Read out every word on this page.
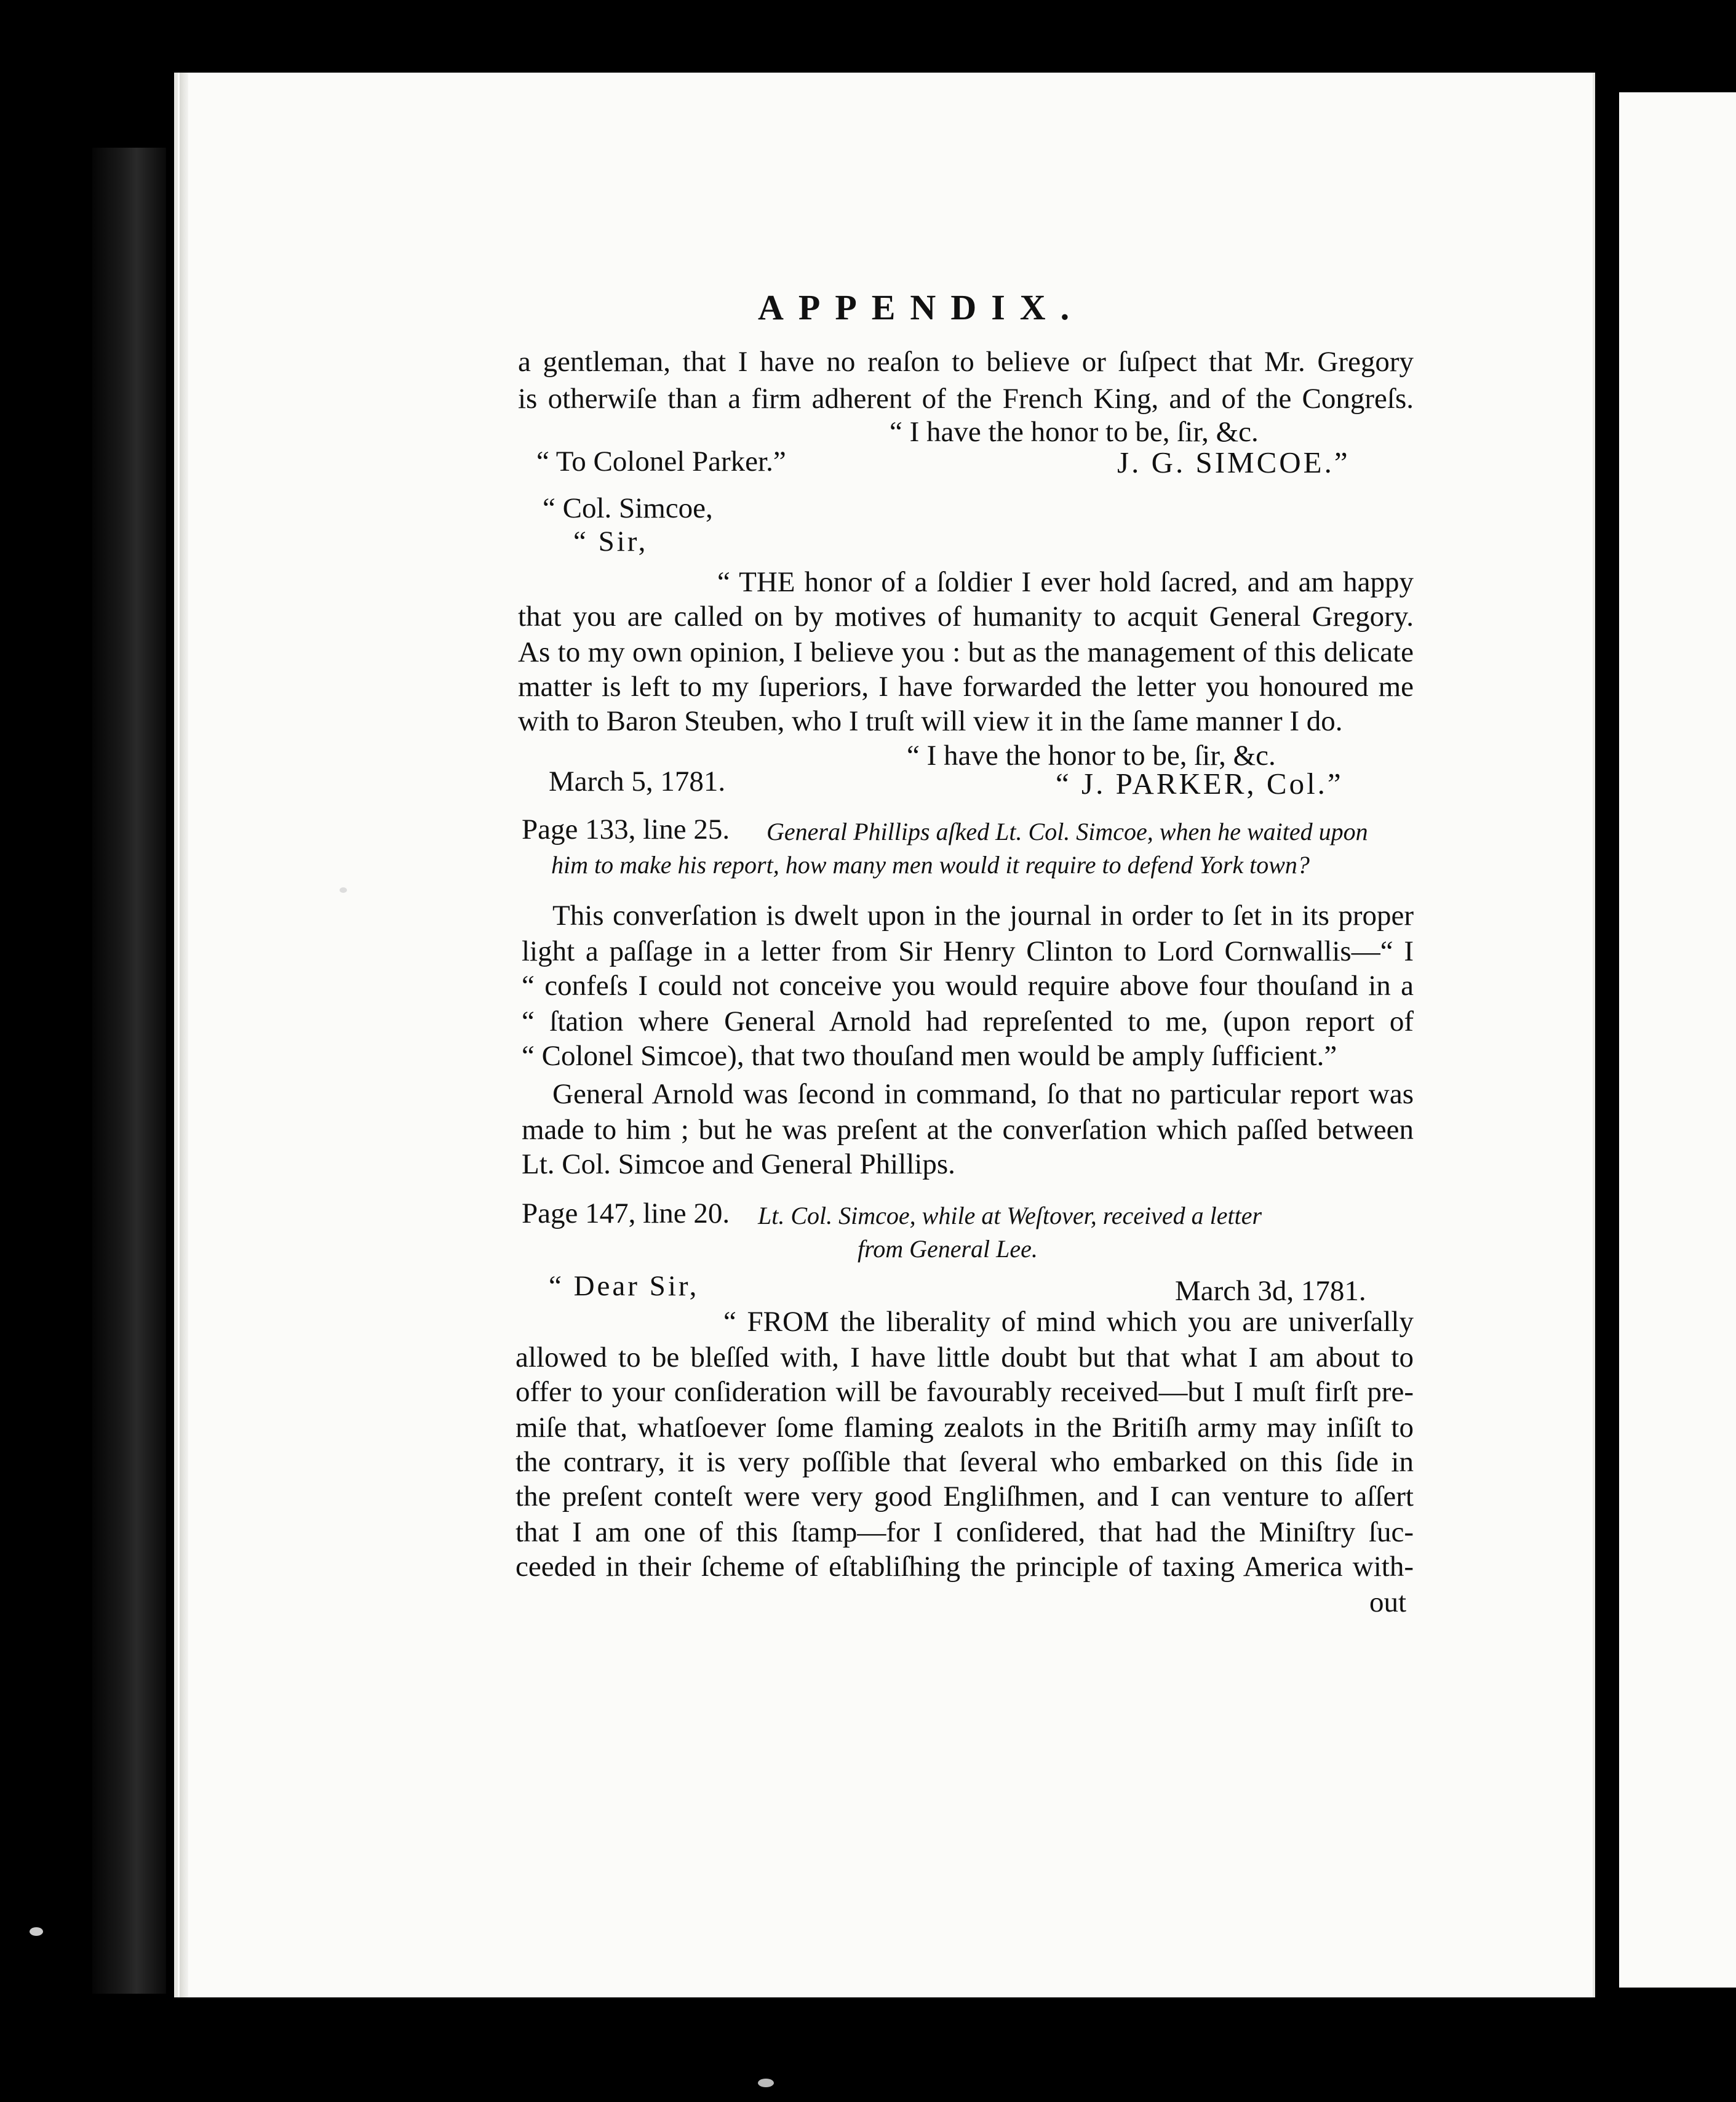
APPENDIX.
a gentleman, that I have no reaſon to believe or ſuſpect that Mr. Gregory
is otherwiſe than a firm adherent of the French King, and of the Congreſs.
“ I have the honor to be, ſir, &c.
“ To Colonel Parker.”	J. G. SIMCOE.”
“ Col. Simcoe,
“ Sir,
“ THE honor of a ſoldier I ever hold ſacred, and am happy
that you are called on by motives of humanity to acquit General Gregory.
As to my own opinion, I believe you : but as the management of this delicate
matter is left to my ſuperiors, I have forwarded the letter you honoured me
with to Baron Steuben, who I truſt will view it in the ſame manner I do.
“ I have the honor to be, ſir, &c.
March 5, 1781.	“ J. PARKER, Col.”
Page 133, line 25. General Phillips aſked Lt. Col. Simcoe, when he waited upon
him to make his report, how many men would it require to defend York town?
This converſation is dwelt upon in the journal in order to ſet in its proper
light a paſſage in a letter from Sir Henry Clinton to Lord Cornwallis—“ I
“ confeſs I could not conceive you would require above four thouſand in a
“ ſtation where General Arnold had repreſented to me, (upon report of
“ Colonel Simcoe), that two thouſand men would be amply ſufficient.”
General Arnold was ſecond in command, ſo that no particular report was
made to him ; but he was preſent at the converſation which paſſed between
Lt. Col. Simcoe and General Phillips.
Page 147, line 20. Lt. Col. Simcoe, while at Weſtover, received a letter
from General Lee.
“ Dear Sir,	March 3d, 1781.
“ FROM the liberality of mind which you are univerſally
allowed to be bleſſed with, I have little doubt but that what I am about to
offer to your conſideration will be favourably received—but I muſt firſt pre-
miſe that, whatſoever ſome flaming zealots in the Britiſh army may inſiſt to
the contrary, it is very poſſible that ſeveral who embarked on this ſide in
the preſent conteſt were very good Engliſhmen, and I can venture to aſſert
that I am one of this ſtamp—for I conſidered, that had the Miniſtry ſuc-
ceeded in their ſcheme of eſtabliſhing the principle of taxing America with-
out
